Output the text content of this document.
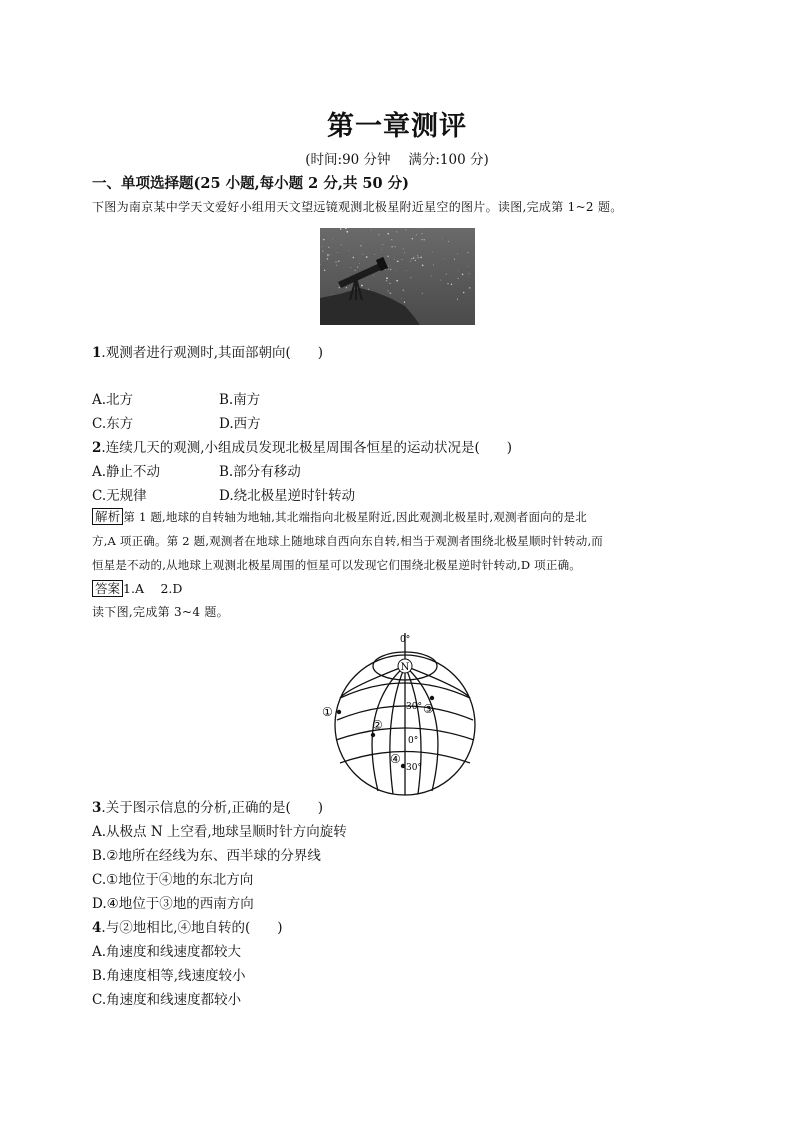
第一章测评
(时间:90 分钟　 满分:100 分)
一、单项选择题(25 小题,每小题 2 分,共 50 分)
下图为南京某中学天文爱好小组用天文望远镜观测北极星附近星空的图片。读图,完成第 1~2 题。
1.观测者进行观测时,其面部朝向(　　)
A.北方	B.南方
C.东方	D.西方
2.连续几天的观测,小组成员发现北极星周围各恒星的运动状况是(　　)
A.静止不动	B.部分有移动
C.无规律	D.绕北极星逆时针转动
解析 第 1 题,地球的自转轴为地轴,其北端指向北极星附近,因此观测北极星时,观测者面向的是北
方,A 项正确。第 2 题,观测者在地球上随地球自西向东自转,相当于观测者围绕北极星顺时针转动,而
恒星是不动的,从地球上观测北极星周围的恒星可以发现它们围绕北极星逆时针转动,D 项正确。
答案 1.A　 2.D
读下图,完成第 3~4 题。
N
0°
①
②
③
④
30°
0°
30°
3.关于图示信息的分析,正确的是(　　)
A.从极点 N 上空看,地球呈顺时针方向旋转
B.②地所在经线为东、西半球的分界线
C.①地位于④地的东北方向
D.④地位于③地的西南方向
4.与②地相比,④地自转的(　　)
A.角速度和线速度都较大
B.角速度相等,线速度较小
C.角速度和线速度都较小
